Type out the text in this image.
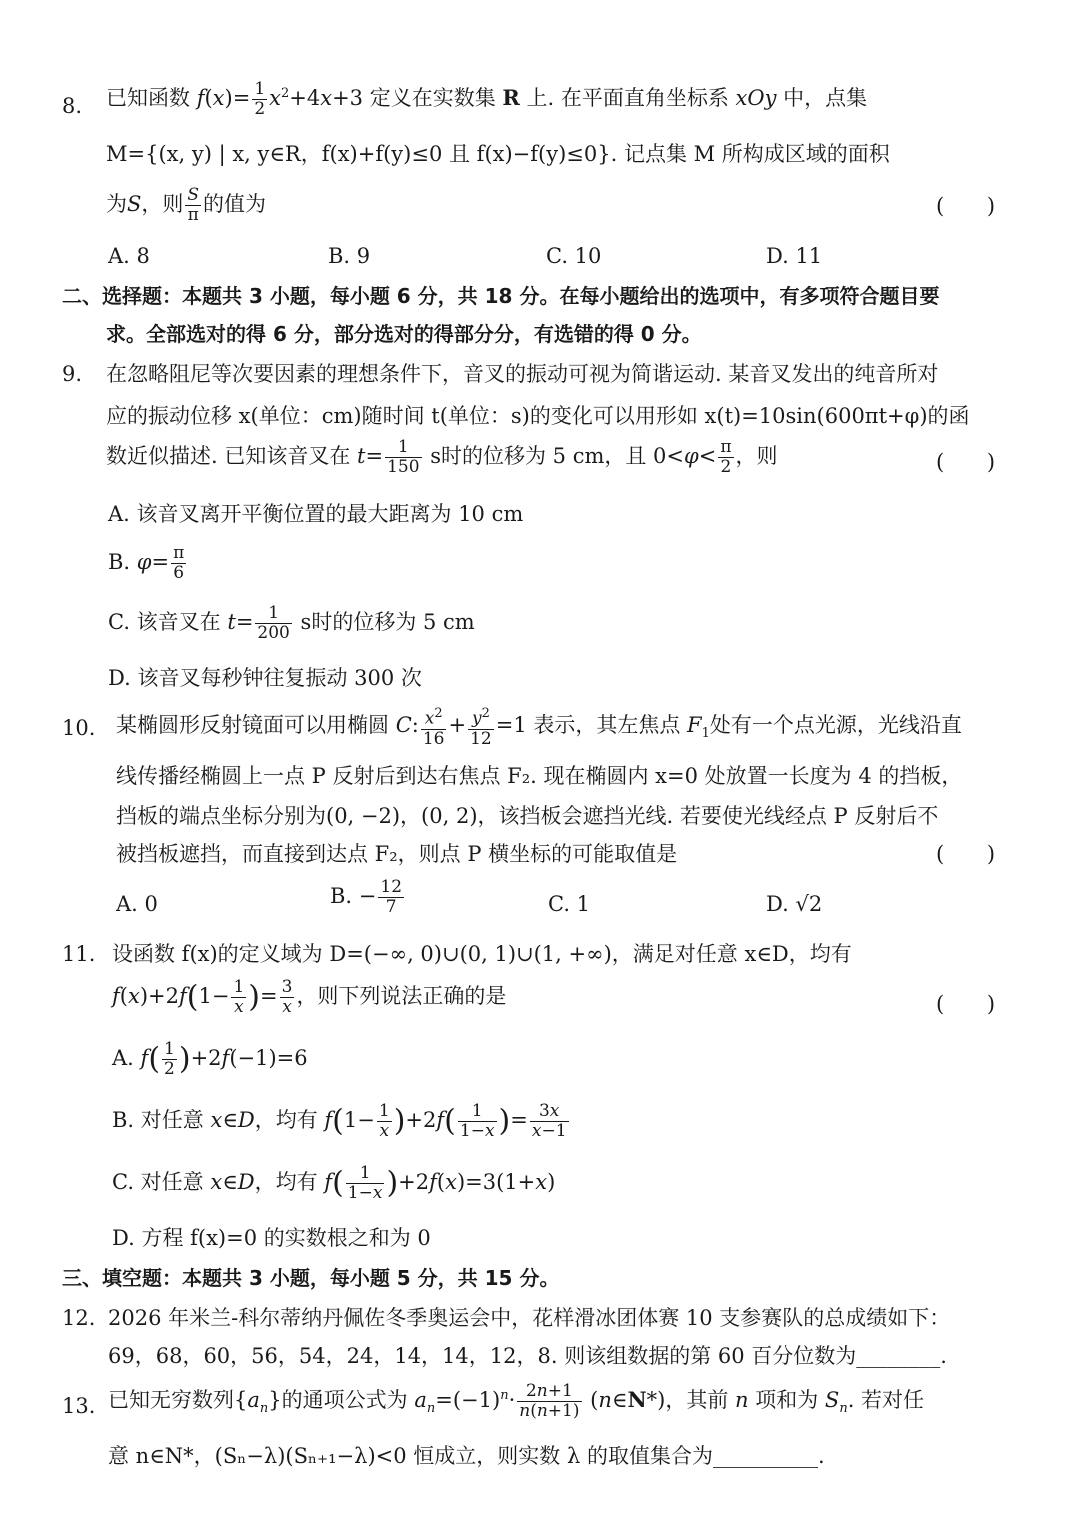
8. 已知函数 $f(x)= \frac{1}{2} x^2+4x+3$ 定义在实数集 R 上. 在平面直角坐标系 xOy 中，点集
M={(x, y) | x, y∈R，f(x)+f(y)≤0 且 f(x)−f(y)≤0}. 记点集 M 所构成区域的面积
为S，则 $\frac{S}{\pi}$ 的值为	( )
A. 8	B. 9	C. 10	D. 11
二、选择题：本题共 3 小题，每小题 6 分，共 18 分。在每小题给出的选项中，有多项符合题目要
求。全部选对的得 6 分，部分选对的得部分分，有选错的得 0 分。
9. 在忽略阻尼等次要因素的理想条件下，音叉的振动可视为简谐运动. 某音叉发出的纯音所对
应的振动位移 x(单位：cm)随时间 t(单位：s)的变化可以用形如 x(t)=10sin(600πt+φ)的函
数近似描述. 已知该音叉在 $t= \frac{1}{150}$ s时的位移为 5 cm，且 $0<\varphi< \frac{\pi}{2}$ ，则	( )
A. 该音叉离开平衡位置的最大距离为 10 cm
B. $\varphi= \frac{\pi}{6}$
C. 该音叉在 $t= \frac{1}{200}$ s时的位移为 5 cm
D. 该音叉每秒钟往复振动 300 次
10. 某椭圆形反射镜面可以用椭圆 C: $\frac{x^2}{16} + \frac{y^2}{12} =1$ 表示，其左焦点 $F_1$处有一个点光源，光线沿直
线传播经椭圆上一点 P 反射后到达右焦点 F₂. 现在椭圆内 x=0 处放置一长度为 4 的挡板，
挡板的端点坐标分别为(0, −2)，(0, 2)，该挡板会遮挡光线. 若要使光线经点 P 反射后不
被挡板遮挡，而直接到达点 F₂，则点 P 横坐标的可能取值是	( )
A. 0	B. − $\frac{12}{7}$	C. 1	D. √2
11. 设函数 f(x)的定义域为 D=(−∞, 0)∪(0, 1)∪(1, +∞)，满足对任意 x∈D，均有
$f(x)+2f(1- \frac{1}{x}$ )= $\frac{3}{x}$ ，则下列说法正确的是	( )
A. $f( \frac{1}{2} )+2f(-1)=6$
B. 对任意 x∈D，均有 $f(1- \frac{1}{x} )+2f( \frac{1}{1-x}$ )= $\frac{3x}{x-1}$
C. 对任意 x∈D，均有 $f( \frac{1}{1-x} )+2f(x)=3(1+x)$
D. 方程 f(x)=0 的实数根之和为 0
三、填空题：本题共 3 小题，每小题 5 分，共 15 分。
12. 2026 年米兰-科尔蒂纳丹佩佐冬季奥运会中，花样滑冰团体赛 10 支参赛队的总成绩如下：
69，68，60，56，54，24，14，14，12，8. 则该组数据的第 60 百分位数为________.
13. 已知无穷数列$\{a_n\}$的通项公式为 $a_n=(-1)^n\cdot \frac{2n+1}{n(n+1)}$ (n∈N*)，其前 n 项和为 $S_n$. 若对任
意 n∈N*，(Sₙ−λ)(Sₙ₊₁−λ)<0 恒成立，则实数 λ 的取值集合为__________.
